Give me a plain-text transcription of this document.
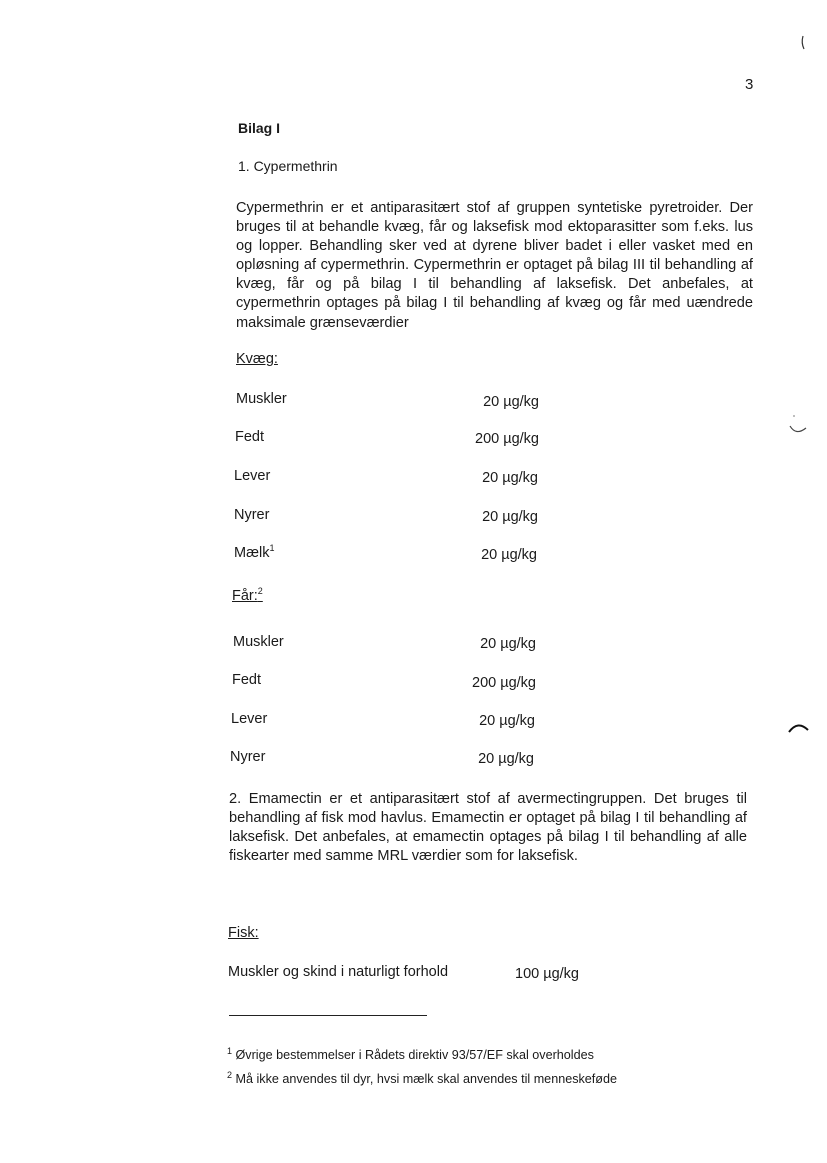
3
Bilag I
1. Cypermethrin
Cypermethrin er et antiparasitært stof af gruppen syntetiske pyretroider. Der bruges til at behandle kvæg, får og laksefisk mod ektoparasitter som f.eks. lus og lopper. Behandling sker ved at dyrene bliver badet i eller vasket med en opløsning af cypermethrin. Cypermethrin er optaget på bilag III til behandling af kvæg, får og på bilag I til behandling af laksefisk. Det anbefales, at cypermethrin optages på bilag I til behandling af kvæg og får med uændrede maksimale grænseværdier
Kvæg:
Muskler	20 µg/kg
Fedt	200 µg/kg
Lever	20 µg/kg
Nyrer	20 µg/kg
Mælk$^1$	20 µg/kg
Får:$^2$
Muskler	20 µg/kg
Fedt	200 µg/kg
Lever	20 µg/kg
Nyrer	20 µg/kg
2. Emamectin er et antiparasitært stof af avermectingruppen. Det bruges til behandling af fisk mod havlus. Emamectin er optaget på bilag I til behandling af laksefisk. Det anbefales, at emamectin optages på bilag I til behandling af alle fiskearter med samme MRL værdier som for laksefisk.
Fisk:
Muskler og skind i naturligt forhold	100 µg/kg
$^1$ Øvrige bestemmelser i Rådets direktiv 93/57/EF skal overholdes
$^2$ Må ikke anvendes til dyr, hvsi mælk skal anvendes til menneskeføde
